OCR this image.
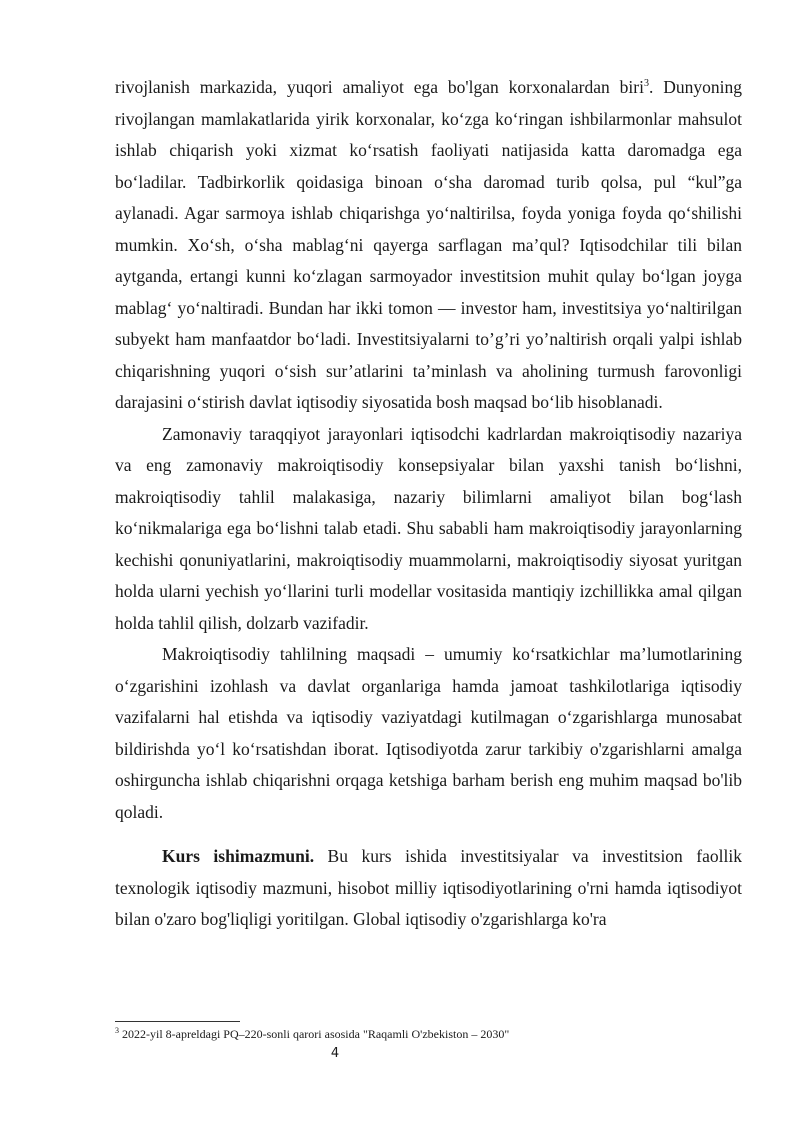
rivojlanish markazida, yuqori amaliyot ega bo'lgan korxonalardan biri$^3$. Dunyoning rivojlangan mamlakatlarida yirik korxonalar, ko‘zga ko‘ringan ishbilarmonlar mahsulot ishlab chiqarish yoki xizmat ko‘rsatish faoliyati natijasida katta daromadga ega bo‘ladilar. Tadbirkorlik qoidasiga binoan o‘sha daromad turib qolsa, pul “kul”ga aylanadi. Agar sarmoya ishlab chiqarishga yo‘naltirilsa, foyda yoniga foyda qo‘shilishi mumkin. Xo‘sh, o‘sha mablag‘ni qayerga sarflagan ma’qul? Iqtisodchilar tili bilan aytganda, ertangi kunni ko‘zlagan sarmoyador investitsion muhit qulay bo‘lgan joyga mablag‘ yo‘naltiradi. Bundan har ikki tomon — investor ham, investitsiya yo‘naltirilgan subyekt ham manfaatdor bo‘ladi. Investitsiyalarni to’g’ri yo’naltirish orqali yalpi ishlab chiqarishning yuqori o‘sish sur’atlarini ta’minlash va aholining turmush farovonligi darajasini o‘stirish davlat iqtisodiy siyosatida bosh maqsad bo‘lib hisoblanadi.

Zamonaviy taraqqiyot jarayonlari iqtisodchi kadrlardan makroiqtisodiy nazariya va eng zamonaviy makroiqtisodiy konsepsiyalar bilan yaxshi tanish bo‘lishni, makroiqtisodiy tahlil malakasiga, nazariy bilimlarni amaliyot bilan bog‘lash ko‘nikmalariga ega bo‘lishni talab etadi. Shu sababli ham makroiqtisodiy jarayonlarning kechishi qonuniyatlarini, makroiqtisodiy muammolarni, makroiqtisodiy siyosat yuritgan holda ularni yechish yo‘llarini turli modellar vositasida mantiqiy izchillikka amal qilgan holda tahlil qilish, dolzarb vazifadir.

Makroiqtisodiy tahlilning maqsadi – umumiy ko‘rsatkichlar ma’lumotlarining o‘zgarishini izohlash va davlat organlariga hamda jamoat tashkilotlariga iqtisodiy vazifalarni hal etishda va iqtisodiy vaziyatdagi kutilmagan o‘zgarishlarga munosabat bildirishda yo‘l ko‘rsatishdan iborat. Iqtisodiyotda zarur tarkibiy o'zgarishlarni amalga oshirguncha ishlab chiqarishni orqaga ketshiga barham berish eng muhim maqsad bo'lib qoladi.

Kurs ishimazmuni. Bu kurs ishida investitsiyalar va investitsion faollik texnologik iqtisodiy mazmuni, hisobot milliy iqtisodiyotlarining o'rni hamda iqtisodiyot bilan o'zaro bog'liqligi yoritilgan. Global iqtisodiy o'zgarishlarga ko'ra

$^3$ 2022-yil 8-apreldagi PQ–220-sonli qarori asosida "Raqamli O'zbekiston – 2030"
4
